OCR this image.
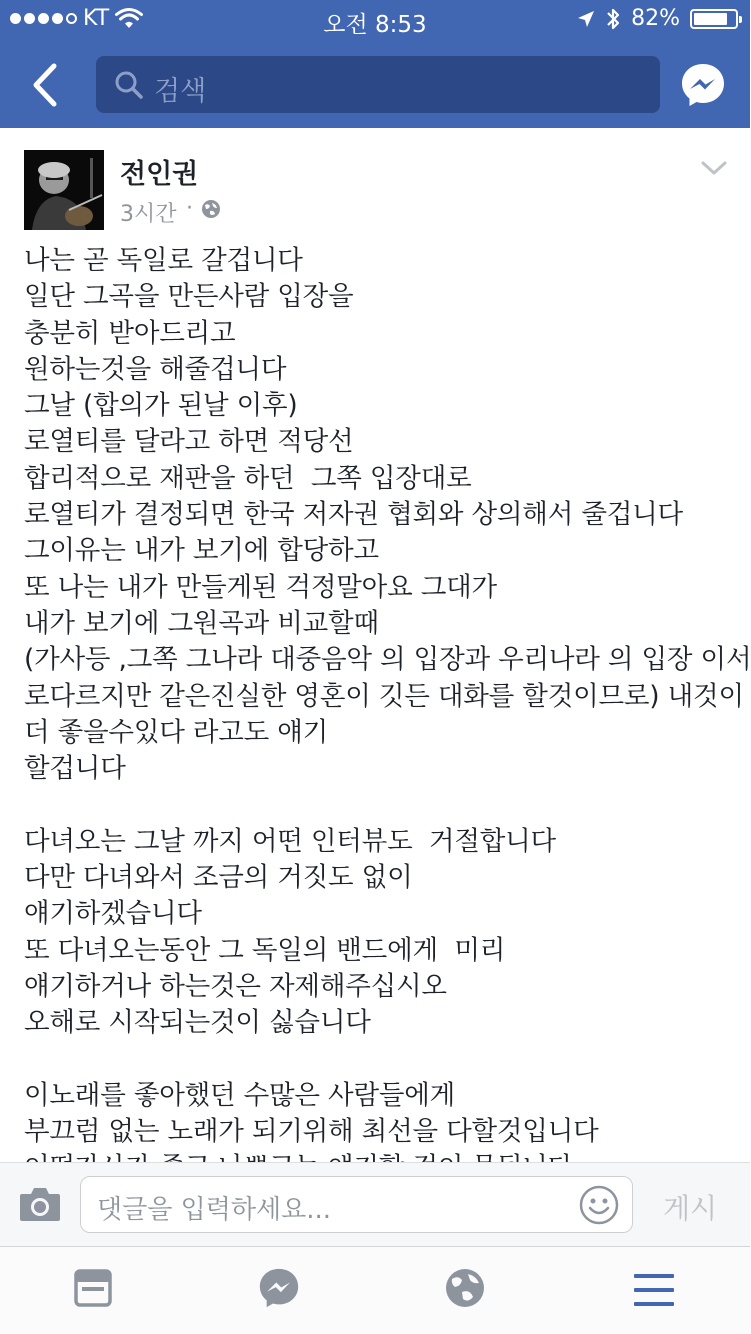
KT	오전 8:53	82%
검색
전인권
3시간 ·
나는 곧 독일로 갈겁니다
일단 그곡을 만든사람 입장을
충분히 받아드리고
원하는것을 해줄겁니다
그날 (합의가 된날 이후)
로열티를 달라고 하면 적당선
합리적으로 재판을 하던  그쪽 입장대로
로열티가 결정되면 한국 저자권 협회와 상의해서 줄겁니다
그이유는 내가 보기에 합당하고
또 나는 내가 만들게된 걱정말아요 그대가
내가 보기에 그원곡과 비교할때
(가사등 ,그쪽 그나라 대중음악 의 입장과 우리나라 의 입장 이서
로다르지만 같은진실한 영혼이 깃든 대화를 할것이므로) 내것이
더 좋을수있다 라고도 얘기
할겁니다
다녀오는 그날 까지 어떤 인터뷰도  거절합니다
다만 다녀와서 조금의 거짓도 없이
얘기하겠습니다
또 다녀오는동안 그 독일의 밴드에게  미리
얘기하거나 하는것은 자제해주십시오
오해로 시작되는것이 싫습니다
이노래를 좋아했던 수많은 사람들에게
부끄럼 없는 노래가 되기위해 최선을 다할것입니다
댓글을 입력하세요...	게시
